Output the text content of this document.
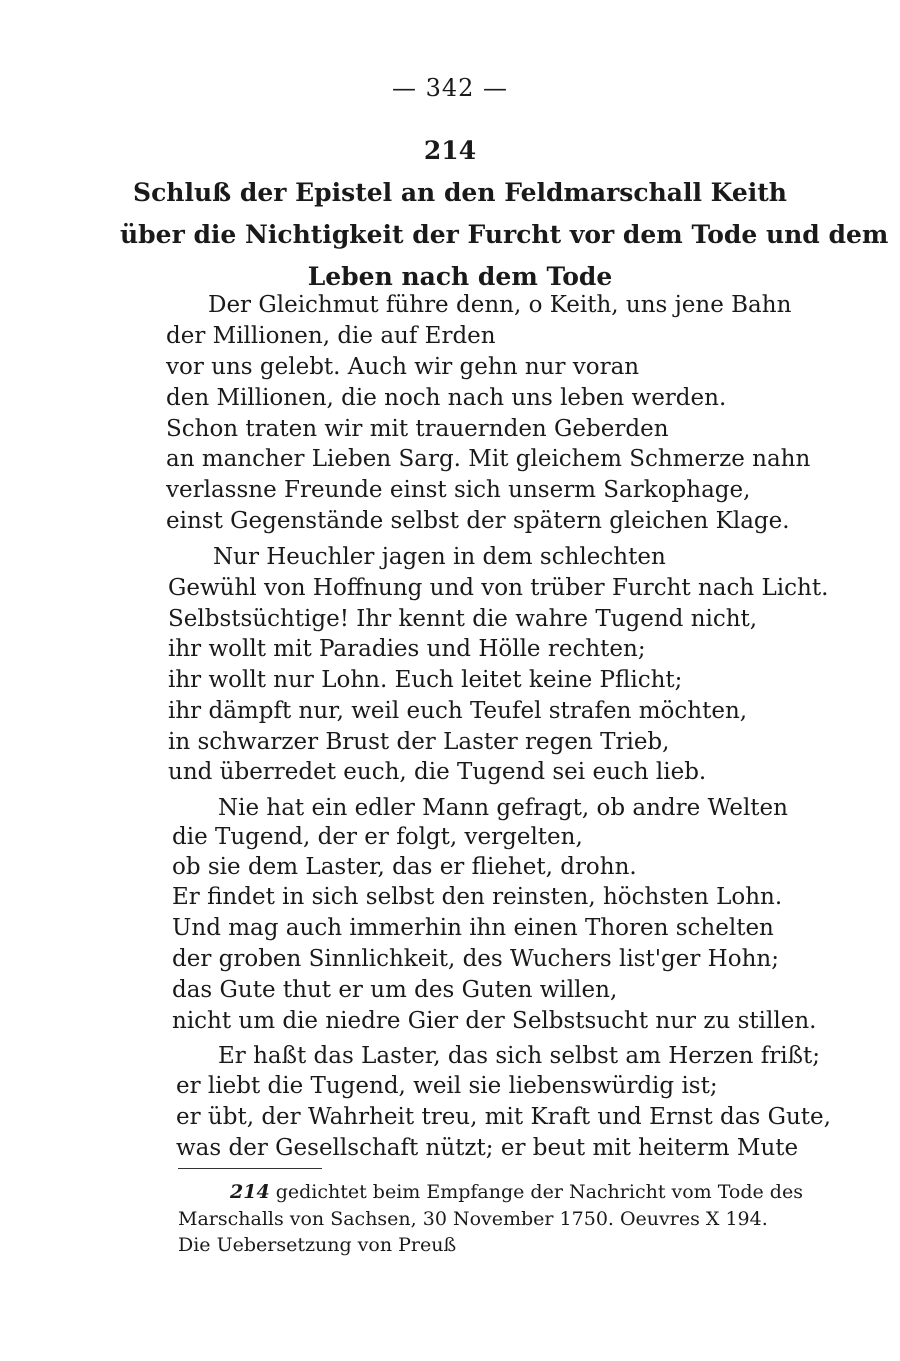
— 342 —
214
Schluß der Epistel an den Feldmarschall Keith
über die Nichtigkeit der Furcht vor dem Tode und dem
Leben nach dem Tode
Der Gleichmut führe denn, o Keith, uns jene Bahn
der Millionen, die auf Erden
vor uns gelebt. Auch wir gehn nur voran
den Millionen, die noch nach uns leben werden.
Schon traten wir mit trauernden Geberden
an mancher Lieben Sarg. Mit gleichem Schmerze nahn
verlassne Freunde einst sich unserm Sarkophage,
einst Gegenstände selbst der spätern gleichen Klage.
Nur Heuchler jagen in dem schlechten
Gewühl von Hoffnung und von trüber Furcht nach Licht.
Selbstsüchtige! Ihr kennt die wahre Tugend nicht,
ihr wollt mit Paradies und Hölle rechten;
ihr wollt nur Lohn. Euch leitet keine Pflicht;
ihr dämpft nur, weil euch Teufel strafen möchten,
in schwarzer Brust der Laster regen Trieb,
und überredet euch, die Tugend sei euch lieb.
Nie hat ein edler Mann gefragt, ob andre Welten
die Tugend, der er folgt, vergelten,
ob sie dem Laster, das er fliehet, drohn.
Er findet in sich selbst den reinsten, höchsten Lohn.
Und mag auch immerhin ihn einen Thoren schelten
der groben Sinnlichkeit, des Wuchers list'ger Hohn;
das Gute thut er um des Guten willen,
nicht um die niedre Gier der Selbstsucht nur zu stillen.
Er haßt das Laster, das sich selbst am Herzen frißt;
er liebt die Tugend, weil sie liebenswürdig ist;
er übt, der Wahrheit treu, mit Kraft und Ernst das Gute,
was der Gesellschaft nützt; er beut mit heiterm Mute
214 gedichtet beim Empfange der Nachricht vom Tode des
Marschalls von Sachsen, 30 November 1750. Oeuvres X 194.
Die Uebersetzung von Preuß
